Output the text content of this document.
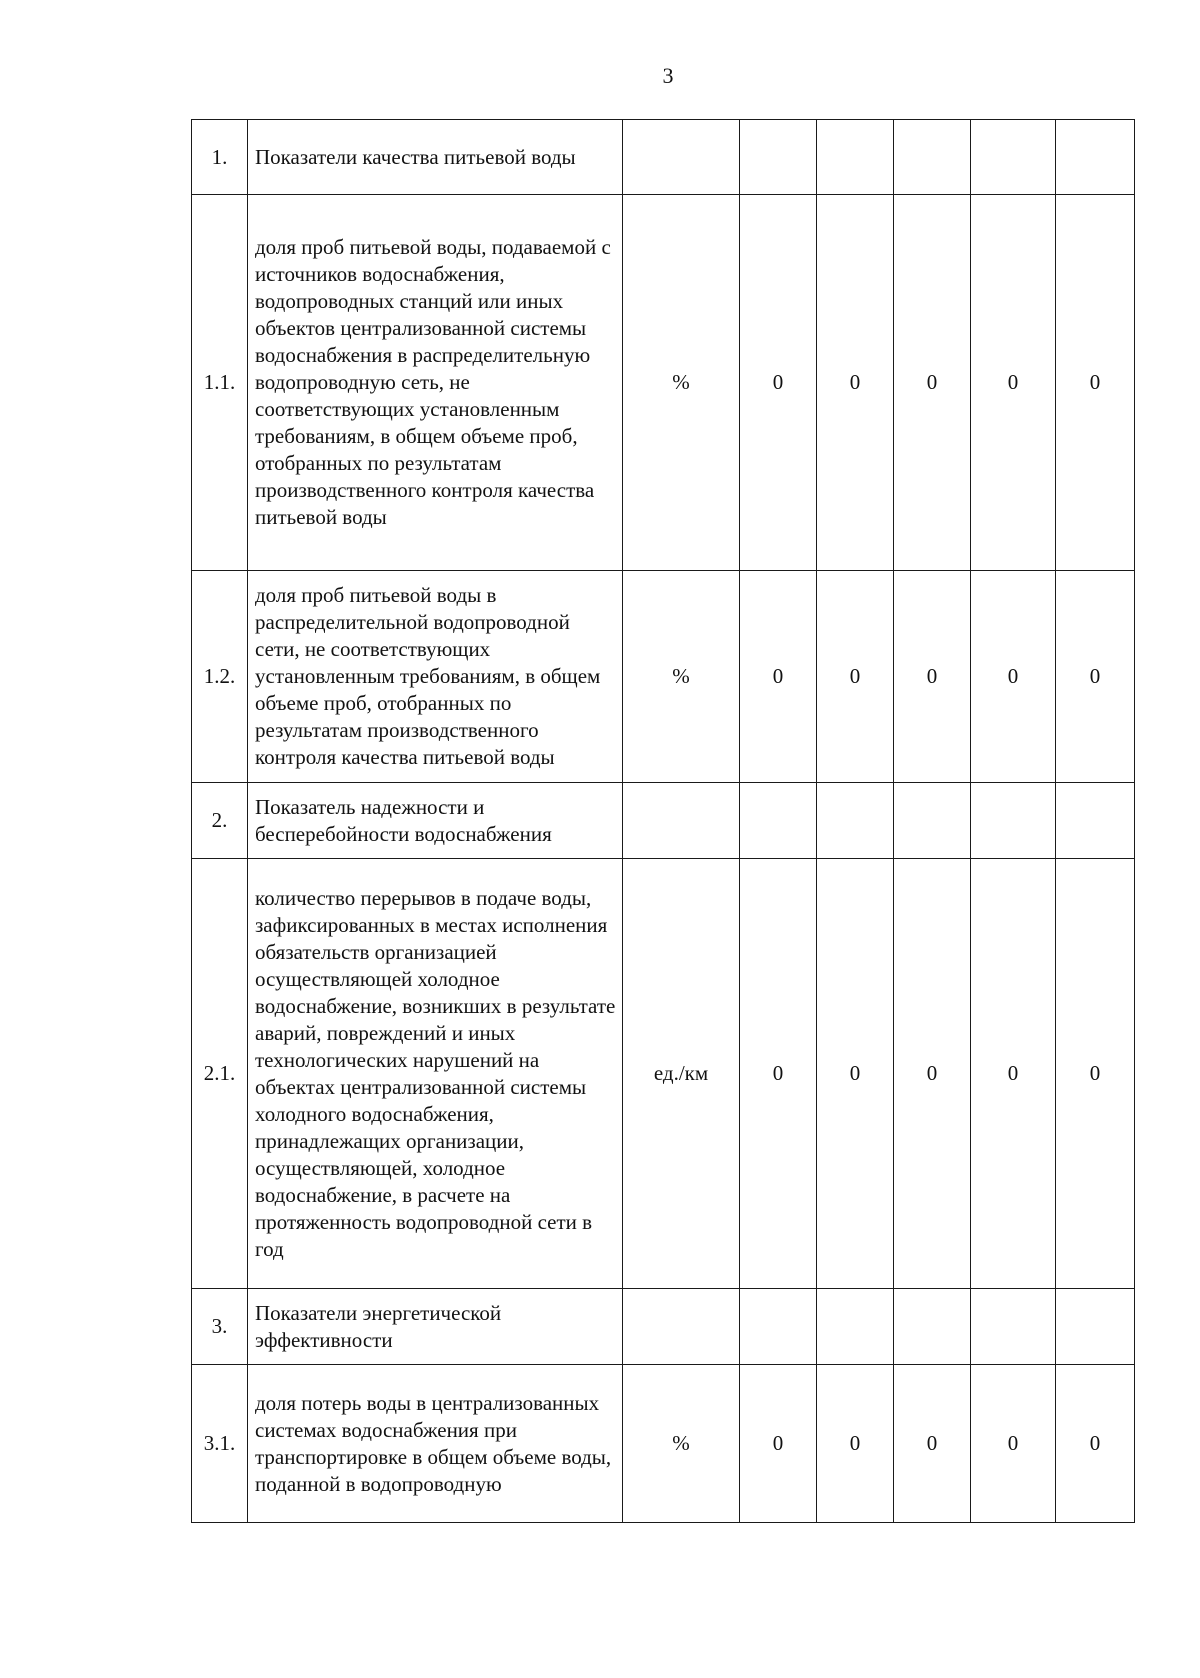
3
1.	Показатели качества питьевой воды						
1.1.	доля проб питьевой воды, подаваемой с источников водоснабжения, водопроводных станций или иных объектов централизованной системы водоснабжения в распределительную водопроводную сеть, не соответствующих установленным требованиям, в общем объеме проб, отобранных по результатам производственного контроля качества питьевой воды	%	0	0	0	0	0
1.2.	доля проб питьевой воды в распределительной водопроводной сети, не соответствующих установленным требованиям, в общем объеме проб, отобранных по результатам производственного контроля качества питьевой воды	%	0	0	0	0	0
2.	Показатель надежности и бесперебойности водоснабжения						
2.1.	количество перерывов в подаче воды, зафиксированных в местах исполнения обязательств организацией осуществляющей холодное водоснабжение, возникших в результате аварий, повреждений и иных технологических нарушений на объектах централизованной системы холодного водоснабжения, принадлежащих организации, осуществляющей, холодное водоснабжение, в расчете на протяженность водопроводной сети в год	ед./км	0	0	0	0	0
3.	Показатели энергетической эффективности						
3.1.	доля потерь воды в централизованных системах водоснабжения при транспортировке в общем объеме воды, поданной в водопроводную	%	0	0	0	0	0
